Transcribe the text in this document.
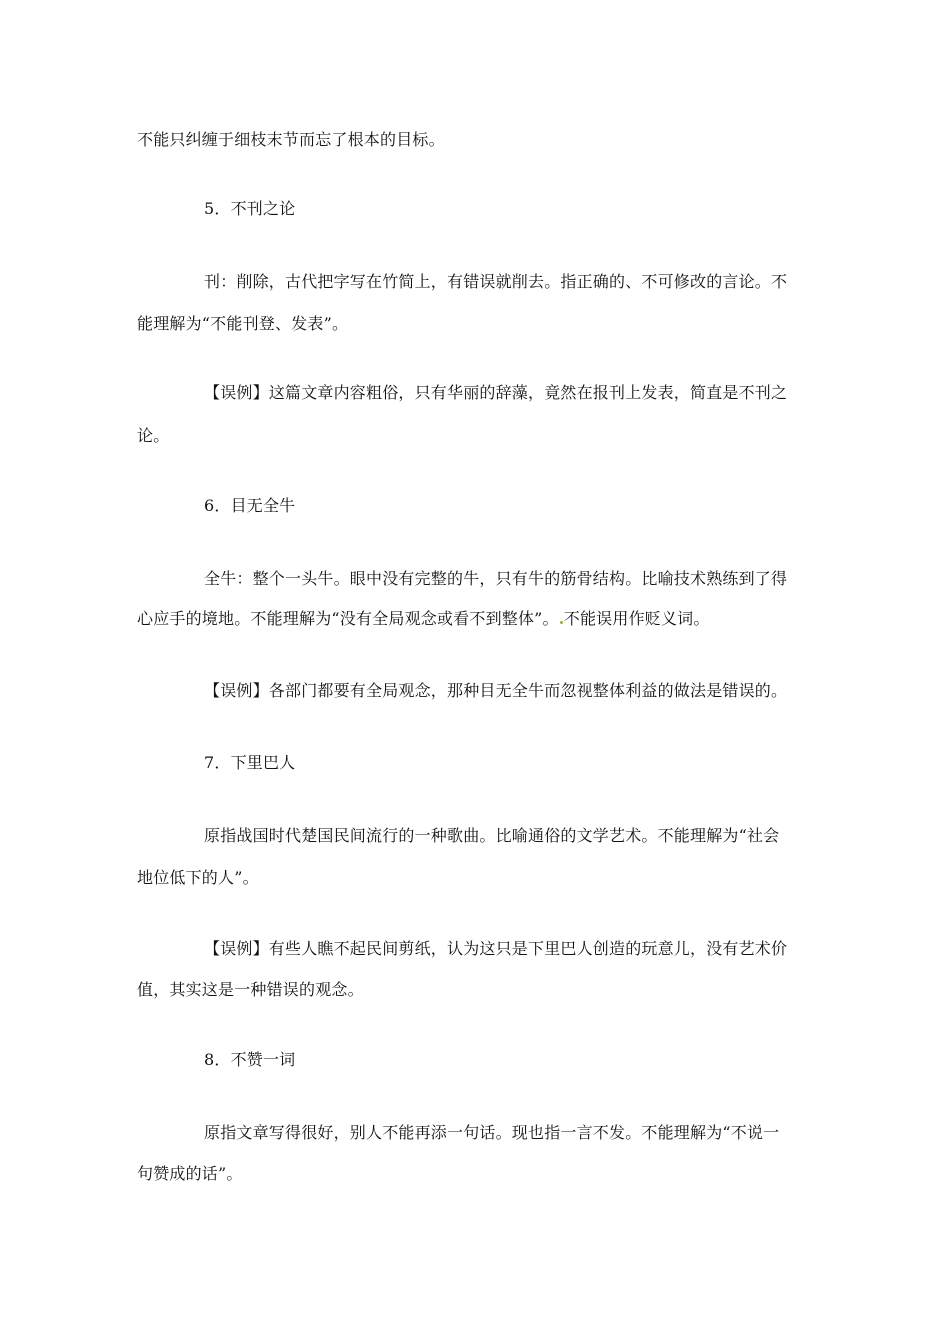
不能只纠缠于细枝末节而忘了根本的目标。
5．不刊之论
刊：削除，古代把字写在竹简上，有错误就削去。指正确的、不可修改的言论。不
能理解为“不能刊登、发表”。
【误例】这篇文章内容粗俗，只有华丽的辞藻，竟然在报刊上发表，简直是不刊之
论。
6．目无全牛
全牛：整个一头牛。眼中没有完整的牛，只有牛的筋骨结构。比喻技术熟练到了得
心应手的境地。不能理解为“没有全局观念或看不到整体”。 不能误用作贬义词。
【误例】各部门都要有全局观念，那种目无全牛而忽视整体利益的做法是错误的。
7．下里巴人
原指战国时代楚国民间流行的一种歌曲。比喻通俗的文学艺术。不能理解为“社会
地位低下的人”。
【误例】有些人瞧不起民间剪纸，认为这只是下里巴人创造的玩意儿，没有艺术价
值，其实这是一种错误的观念。
8．不赞一词
原指文章写得很好，别人不能再添一句话。现也指一言不发。不能理解为“不说一
句赞成的话”。
